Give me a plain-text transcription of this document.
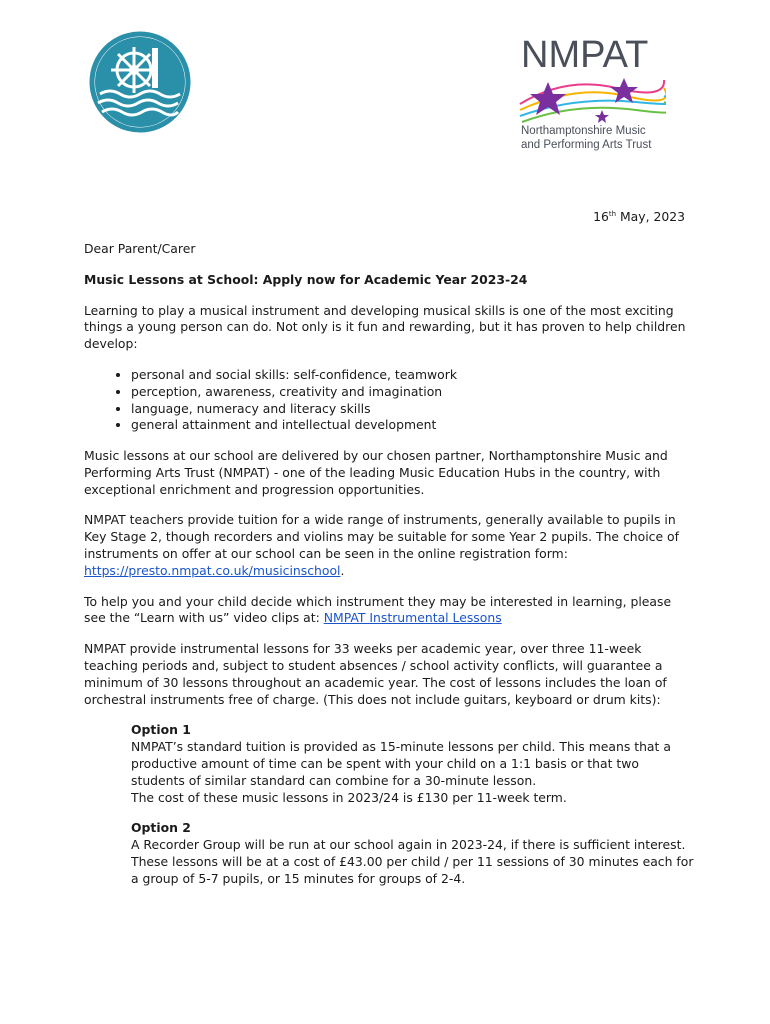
NMPAT
Northamptonshire Music
and Performing Arts Trust

16th May, 2023

Dear Parent/Carer

Music Lessons at School: Apply now for Academic Year 2023-24

Learning to play a musical instrument and developing musical skills is one of the most exciting things a young person can do. Not only is it fun and rewarding, but it has proven to help children develop:

• personal and social skills: self-confidence, teamwork
• perception, awareness, creativity and imagination
• language, numeracy and literacy skills
• general attainment and intellectual development

Music lessons at our school are delivered by our chosen partner, Northamptonshire Music and Performing Arts Trust (NMPAT) - one of the leading Music Education Hubs in the country, with exceptional enrichment and progression opportunities.

NMPAT teachers provide tuition for a wide range of instruments, generally available to pupils in Key Stage 2, though recorders and violins may be suitable for some Year 2 pupils. The choice of instruments on offer at our school can be seen in the online registration form: https://presto.nmpat.co.uk/musicinschool.

To help you and your child decide which instrument they may be interested in learning, please see the “Learn with us” video clips at: NMPAT Instrumental Lessons

NMPAT provide instrumental lessons for 33 weeks per academic year, over three 11-week teaching periods and, subject to student absences / school activity conflicts, will guarantee a minimum of 30 lessons throughout an academic year. The cost of lessons includes the loan of orchestral instruments free of charge. (This does not include guitars, keyboard or drum kits):

Option 1
NMPAT’s standard tuition is provided as 15-minute lessons per child. This means that a productive amount of time can be spent with your child on a 1:1 basis or that two students of similar standard can combine for a 30-minute lesson.
The cost of these music lessons in 2023/24 is £130 per 11-week term.
Option 2
A Recorder Group will be run at our school again in 2023-24, if there is sufficient interest. These lessons will be at a cost of £43.00 per child / per 11 sessions of 30 minutes each for a group of 5-7 pupils, or 15 minutes for groups of 2-4.
